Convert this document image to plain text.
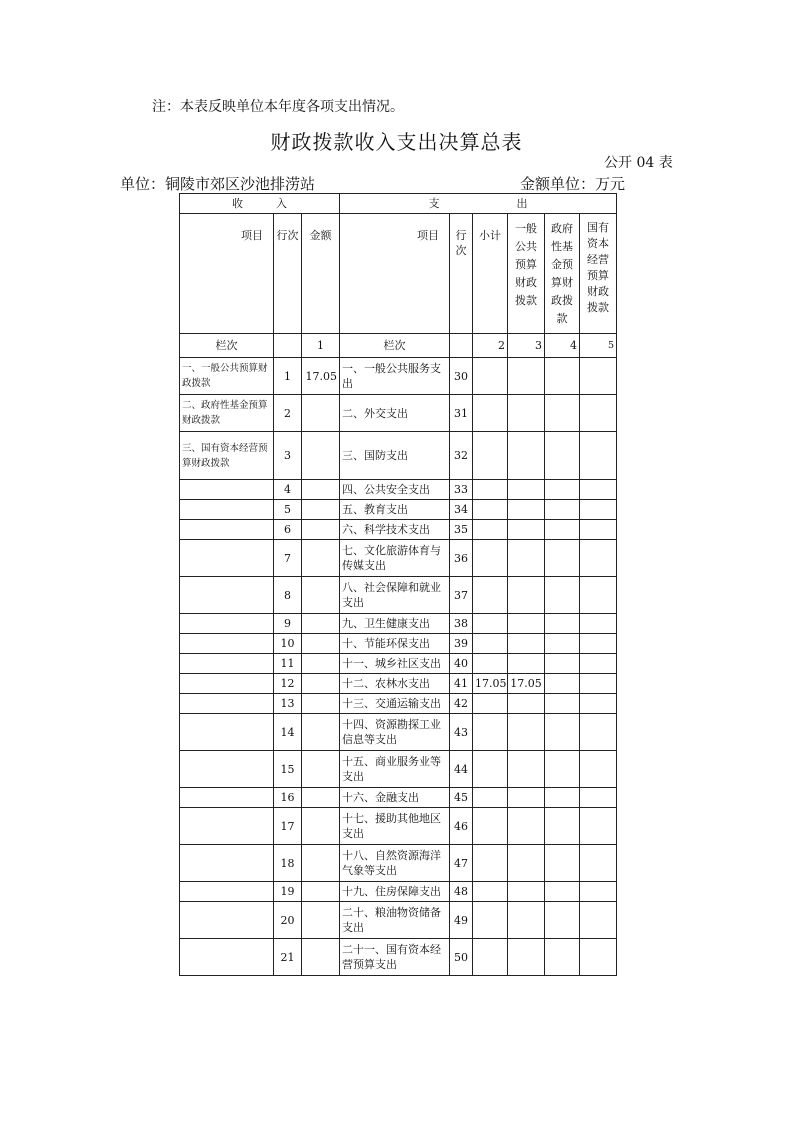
注：本表反映单位本年度各项支出情况。
财政拨款收入支出决算总表
公开 04 表
单位：铜陵市郊区沙池排涝站	金额单位：万元
收　　　入			支　　　　　　　出					
项目	行次	金额	项目	行次	小计	一般公共预算财政拨款	政府性基金预算财政拨款	国有资本经营预算财政拨款
栏次		1	栏次		2	3	4	5
一、一般公共预算财政拨款	1	17.05	一、一般公共服务支出	30				
二、政府性基金预算财政拨款	2		二、外交支出	31				
三、国有资本经营预算财政拨款	3		三、国防支出	32				
	4		四、公共安全支出	33				
	5		五、教育支出	34				
	6		六、科学技术支出	35				
	7		七、文化旅游体育与传媒支出	36				
	8		八、社会保障和就业支出	37				
	9		九、卫生健康支出	38				
	10		十、节能环保支出	39				
	11		十一、城乡社区支出	40				
	12		十二、农林水支出	41	17.05	17.05		
	13		十三、交通运输支出	42				
	14		十四、资源勘探工业信息等支出	43				
	15		十五、商业服务业等支出	44				
	16		十六、金融支出	45				
	17		十七、援助其他地区支出	46				
	18		十八、自然资源海洋气象等支出	47				
	19		十九、住房保障支出	48				
	20		二十、粮油物资储备支出	49				
	21		二十一、国有资本经营预算支出	50				
